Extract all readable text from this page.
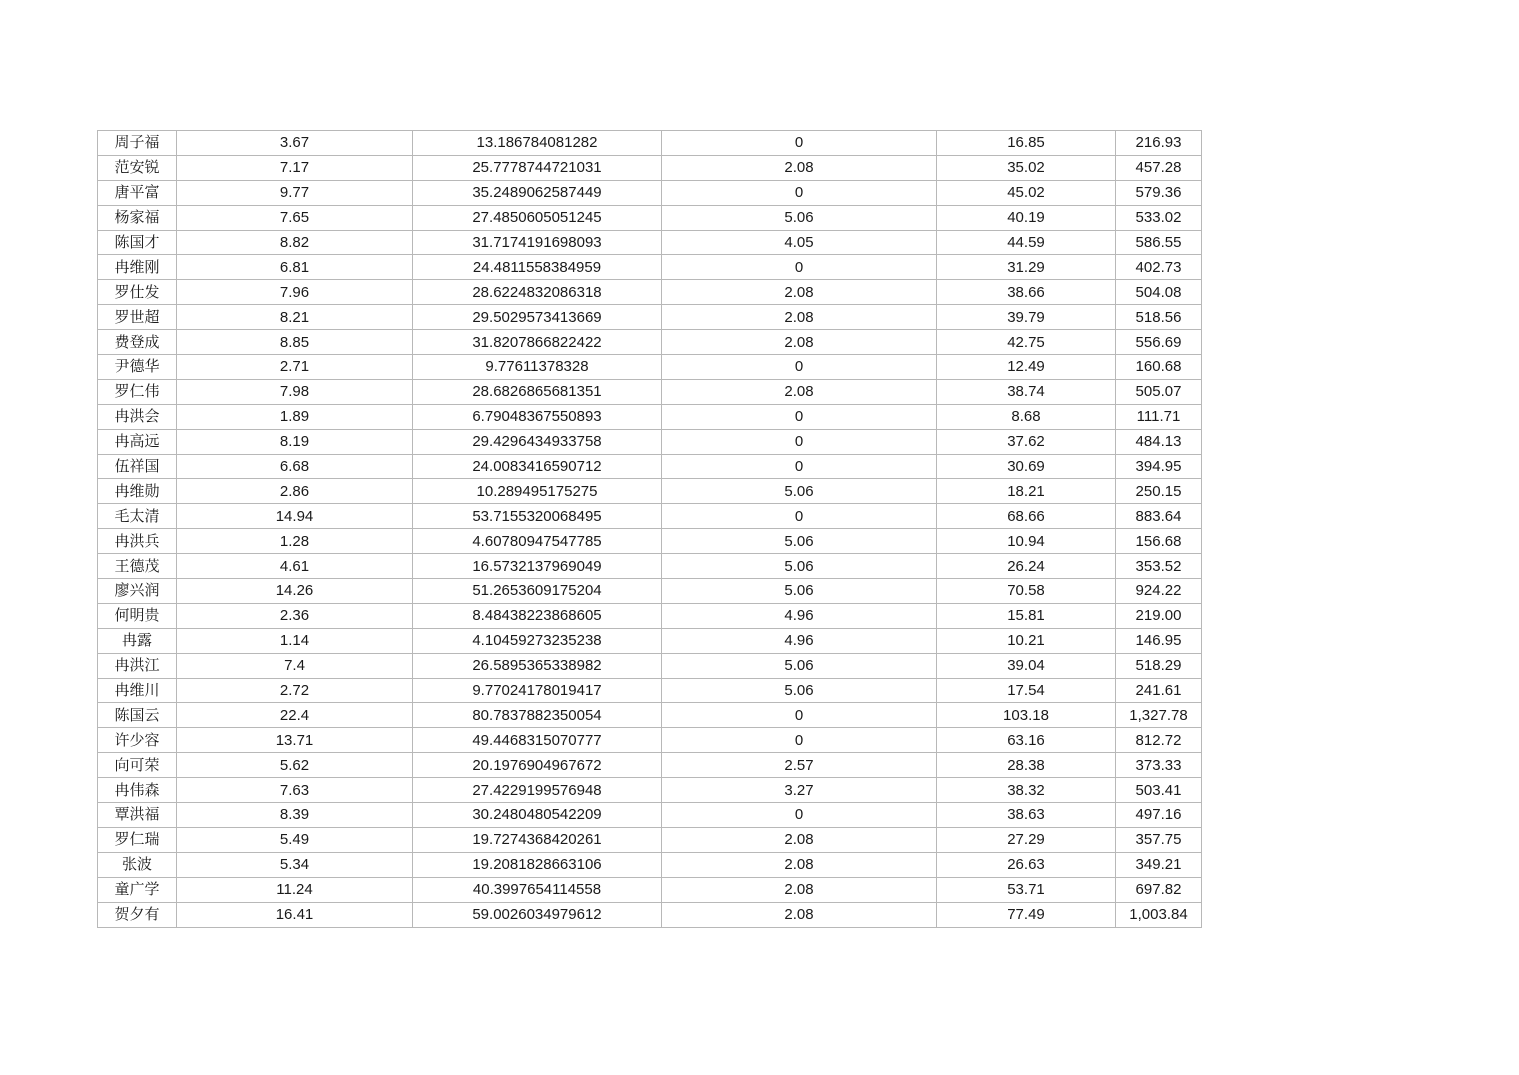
周子福	3.67	13.186784081282	0	16.85	216.93
范安锐	7.17	25.7778744721031	2.08	35.02	457.28
唐平富	9.77	35.2489062587449	0	45.02	579.36
杨家福	7.65	27.4850605051245	5.06	40.19	533.02
陈国才	8.82	31.7174191698093	4.05	44.59	586.55
冉维刚	6.81	24.4811558384959	0	31.29	402.73
罗仕发	7.96	28.6224832086318	2.08	38.66	504.08
罗世超	8.21	29.5029573413669	2.08	39.79	518.56
费登成	8.85	31.8207866822422	2.08	42.75	556.69
尹德华	2.71	9.77611378328	0	12.49	160.68
罗仁伟	7.98	28.6826865681351	2.08	38.74	505.07
冉洪会	1.89	6.79048367550893	0	8.68	111.71
冉高远	8.19	29.4296434933758	0	37.62	484.13
伍祥国	6.68	24.0083416590712	0	30.69	394.95
冉维勋	2.86	10.289495175275	5.06	18.21	250.15
毛太清	14.94	53.7155320068495	0	68.66	883.64
冉洪兵	1.28	4.60780947547785	5.06	10.94	156.68
王德茂	4.61	16.5732137969049	5.06	26.24	353.52
廖兴润	14.26	51.2653609175204	5.06	70.58	924.22
何明贵	2.36	8.48438223868605	4.96	15.81	219.00
冉露	1.14	4.10459273235238	4.96	10.21	146.95
冉洪江	7.4	26.5895365338982	5.06	39.04	518.29
冉维川	2.72	9.77024178019417	5.06	17.54	241.61
陈国云	22.4	80.7837882350054	0	103.18	1,327.78
许少容	13.71	49.4468315070777	0	63.16	812.72
向可荣	5.62	20.1976904967672	2.57	28.38	373.33
冉伟森	7.63	27.4229199576948	3.27	38.32	503.41
覃洪福	8.39	30.2480480542209	0	38.63	497.16
罗仁瑞	5.49	19.7274368420261	2.08	27.29	357.75
张波	5.34	19.2081828663106	2.08	26.63	349.21
童广学	11.24	40.3997654114558	2.08	53.71	697.82
贺夕有	16.41	59.0026034979612	2.08	77.49	1,003.84
